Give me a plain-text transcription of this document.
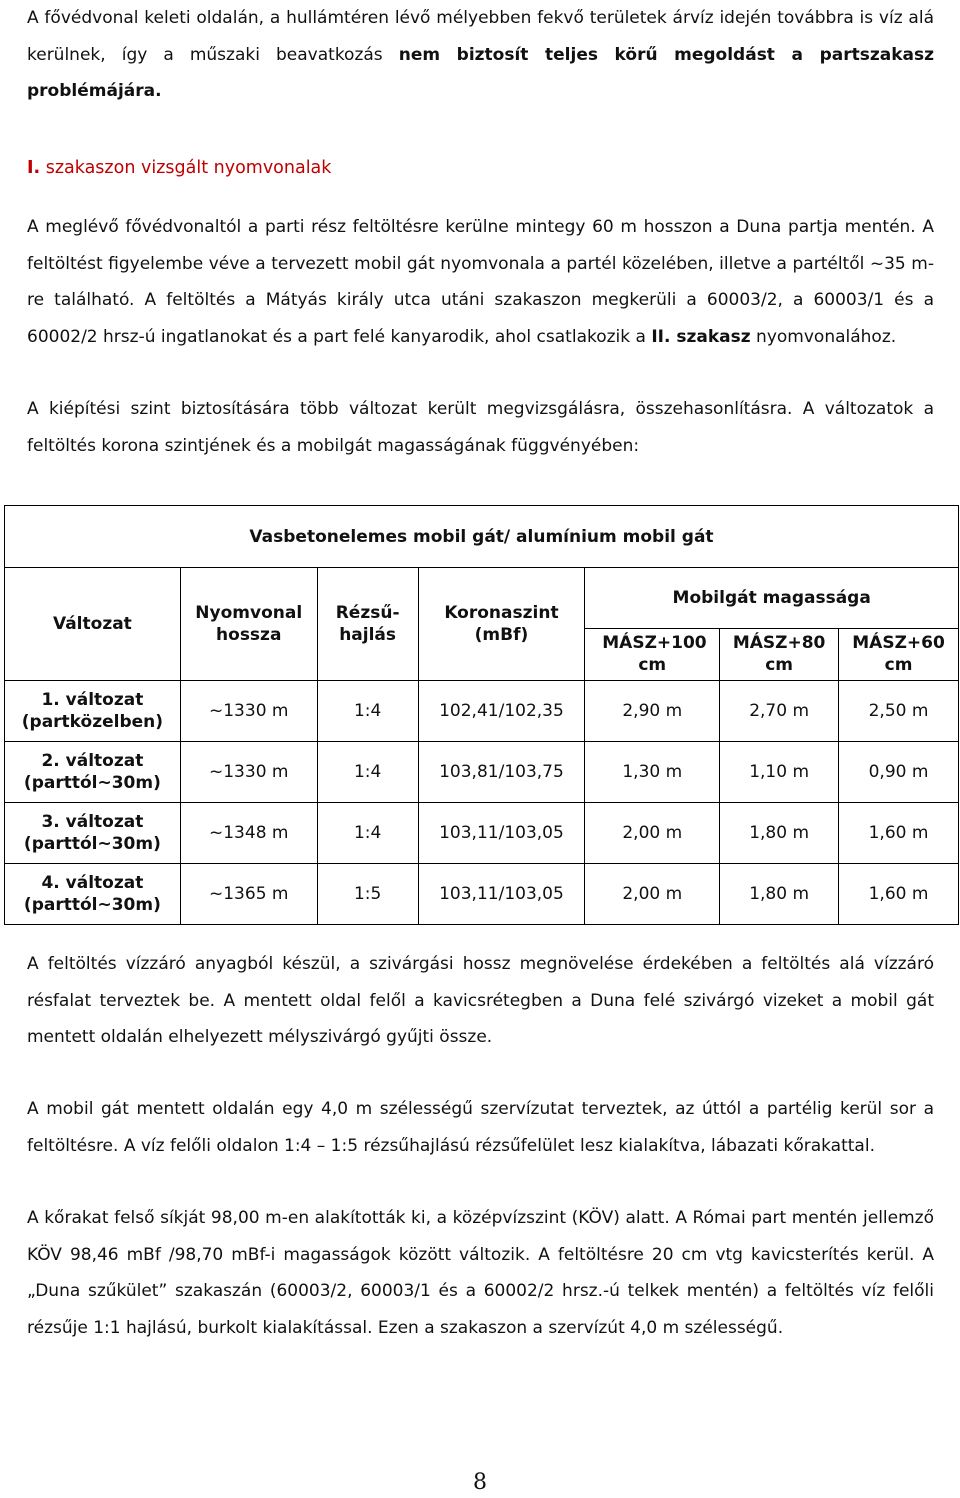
A fővédvonal keleti oldalán, a hullámtéren lévő mélyebben fekvő területek árvíz idején továbbra is víz alá kerülnek, így a műszaki beavatkozás nem biztosít teljes körű megoldást a partszakasz problémájára.

I. szakaszon vizsgált nyomvonalak

A meglévő fővédvonaltól a parti rész feltöltésre kerülne mintegy 60 m hosszon a Duna partja mentén. A feltöltést figyelembe véve a tervezett mobil gát nyomvonala a partél közelében, illetve a partéltől ~35 m-re található. A feltöltés a Mátyás király utca utáni szakaszon megkerüli a 60003/2, a 60003/1 és a 60002/2 hrsz-ú ingatlanokat és a part felé kanyarodik, ahol csatlakozik a II. szakasz nyomvonalához.

A kiépítési szint biztosítására több változat került megvizsgálásra, összehasonlításra. A változatok a feltöltés korona szintjének és a mobilgát magasságának függvényében:

Vasbetonelemes mobil gát/ alumínium mobil gát						
Változat	Nyomvonal hossza	Rézsű-hajlás	Koronaszint (mBf)	Mobilgát magassága		

				MÁSZ+100 cm	MÁSZ+80 cm	MÁSZ+60 cm

1. változat
(partközelben)	~1330 m	1:4	102,41/102,35	2,90 m	2,70 m	2,50 m

2. változat
(parttól~30m)	~1330 m	1:4	103,81/103,75	1,30 m	1,10 m	0,90 m

3. változat
(parttól~30m)	~1348 m	1:4	103,11/103,05	2,00 m	1,80 m	1,60 m

4. változat
(parttól~30m)	~1365 m	1:5	103,11/103,05	2,00 m	1,80 m	1,60 m

A feltöltés vízzáró anyagból készül, a szivárgási hossz megnövelése érdekében a feltöltés alá vízzáró résfalat terveztek be. A mentett oldal felől a kavicsrétegben a Duna felé szivárgó vizeket a mobil gát mentett oldalán elhelyezett mélyszivárgó gyűjti össze.

A mobil gát mentett oldalán egy 4,0 m szélességű szervízutat terveztek, az úttól a partélig kerül sor a feltöltésre. A víz felőli oldalon 1:4 – 1:5 rézsűhajlású rézsűfelület lesz kialakítva, lábazati kőrakattal.

A kőrakat felső síkját 98,00 m-en alakították ki, a középvízszint (KÖV) alatt. A Római part mentén jellemző KÖV 98,46 mBf /98,70 mBf-i magasságok között változik. A feltöltésre 20 cm vtg kavicsterítés kerül. A „Duna szűkület” szakaszán (60003/2, 60003/1 és a 60002/2 hrsz.-ú telkek mentén) a feltöltés víz felőli rézsűje 1:1 hajlású, burkolt kialakítással. Ezen a szakaszon a szervízút 4,0 m szélességű.

8
